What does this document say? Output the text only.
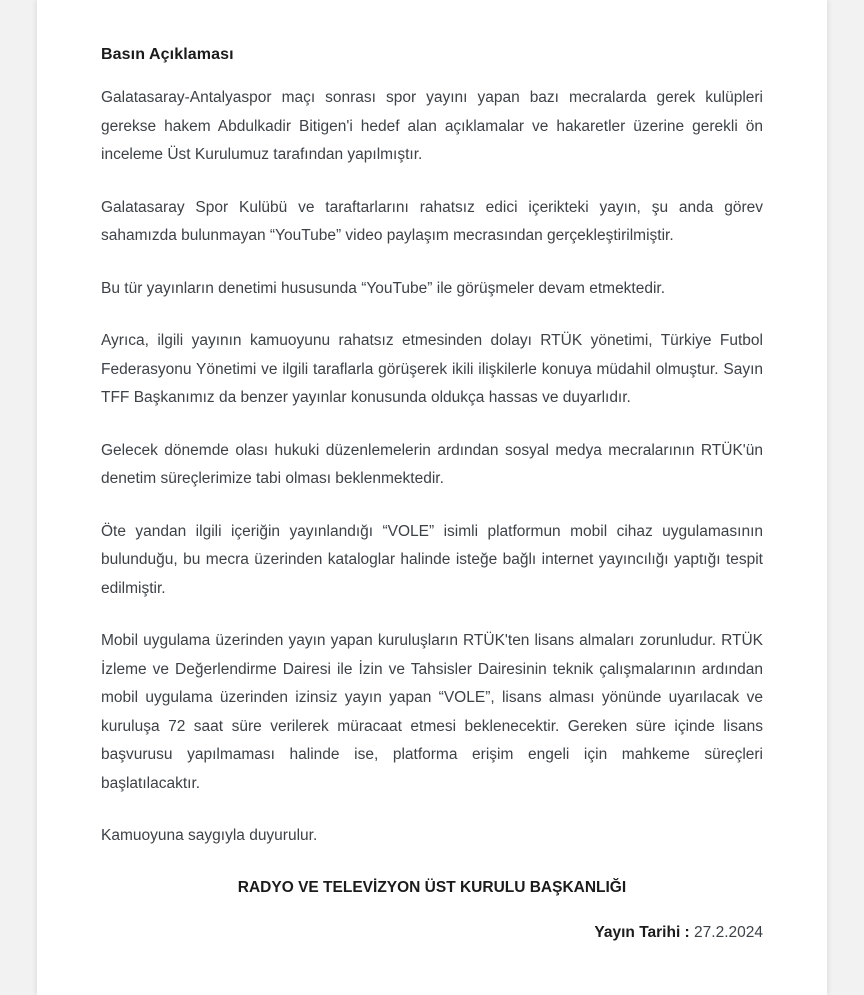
Basın Açıklaması

Galatasaray-Antalyaspor maçı sonrası spor yayını yapan bazı mecralarda gerek kulüpleri gerekse hakem Abdulkadir Bitigen'i hedef alan açıklamalar ve hakaretler üzerine gerekli ön inceleme Üst Kurulumuz tarafından yapılmıştır.

Galatasaray Spor Kulübü ve taraftarlarını rahatsız edici içerikteki yayın, şu anda görev sahamızda bulunmayan “YouTube” video paylaşım mecrasından gerçekleştirilmiştir.

Bu tür yayınların denetimi hususunda “YouTube” ile görüşmeler devam etmektedir.

Ayrıca, ilgili yayının kamuoyunu rahatsız etmesinden dolayı RTÜK yönetimi, Türkiye Futbol Federasyonu Yönetimi ve ilgili taraflarla görüşerek ikili ilişkilerle konuya müdahil olmuştur. Sayın TFF Başkanımız da benzer yayınlar konusunda oldukça hassas ve duyarlıdır.

Gelecek dönemde olası hukuki düzenlemelerin ardından sosyal medya mecralarının RTÜK'ün denetim süreçlerimize tabi olması beklenmektedir.

Öte yandan ilgili içeriğin yayınlandığı “VOLE” isimli platformun mobil cihaz uygulamasının bulunduğu, bu mecra üzerinden kataloglar halinde isteğe bağlı internet yayıncılığı yaptığı tespit edilmiştir.

Mobil uygulama üzerinden yayın yapan kuruluşların RTÜK'ten lisans almaları zorunludur. RTÜK İzleme ve Değerlendirme Dairesi ile İzin ve Tahsisler Dairesinin teknik çalışmalarının ardından mobil uygulama üzerinden izinsiz yayın yapan “VOLE”, lisans alması yönünde uyarılacak ve kuruluşa 72 saat süre verilerek müracaat etmesi beklenecektir. Gereken süre içinde lisans başvurusu yapılmaması halinde ise, platforma erişim engeli için mahkeme süreçleri başlatılacaktır.

Kamuoyuna saygıyla duyurulur.

RADYO VE TELEVİZYON ÜST KURULU BAŞKANLIĞI

Yayın Tarihi : 27.2.2024
